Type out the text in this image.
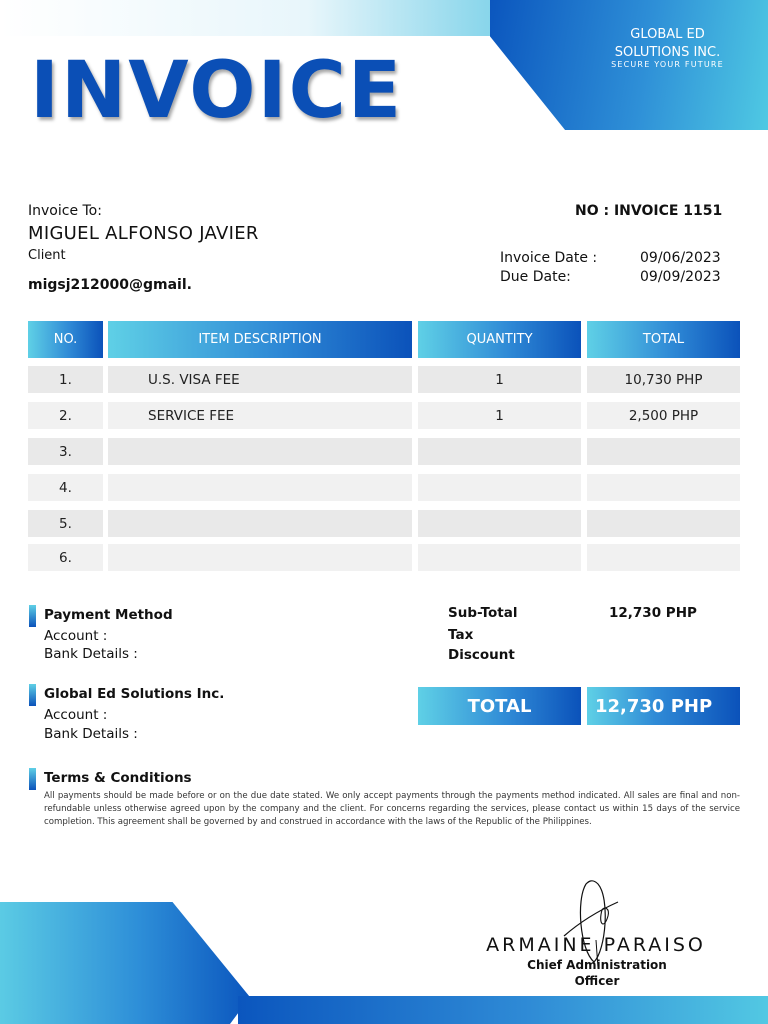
INVOICE
GLOBAL ED
SOLUTIONS INC.
SECURE YOUR FUTURE
Invoice To:
MIGUEL ALFONSO JAVIER
Client
migsj212000@gmail.
NO : INVOICE 1151
Invoice Date :	09/06/2023
Due Date:	09/09/2023
NO.	ITEM DESCRIPTION	QUANTITY	TOTAL
1.	U.S. VISA FEE	1	10,730 PHP
2.	SERVICE FEE	1	2,500 PHP
3.
4.
5.
6.
Payment Method
Account :
Bank Details :
Global Ed Solutions Inc.
Account :
Bank Details :
Sub-Total	12,730 PHP
Tax
Discount
TOTAL	12,730 PHP
Terms & Conditions
All payments should be made before or on the due date stated. We only accept payments through the payments method indicated. All sales are final and non-refundable unless otherwise agreed upon by the company and the client. For concerns regarding the services, please contact us within 15 days of the service completion. This agreement shall be governed by and construed in accordance with the laws of the Republic of the Philippines.
ARMAINE PARAISO
Chief Administration
Officer
